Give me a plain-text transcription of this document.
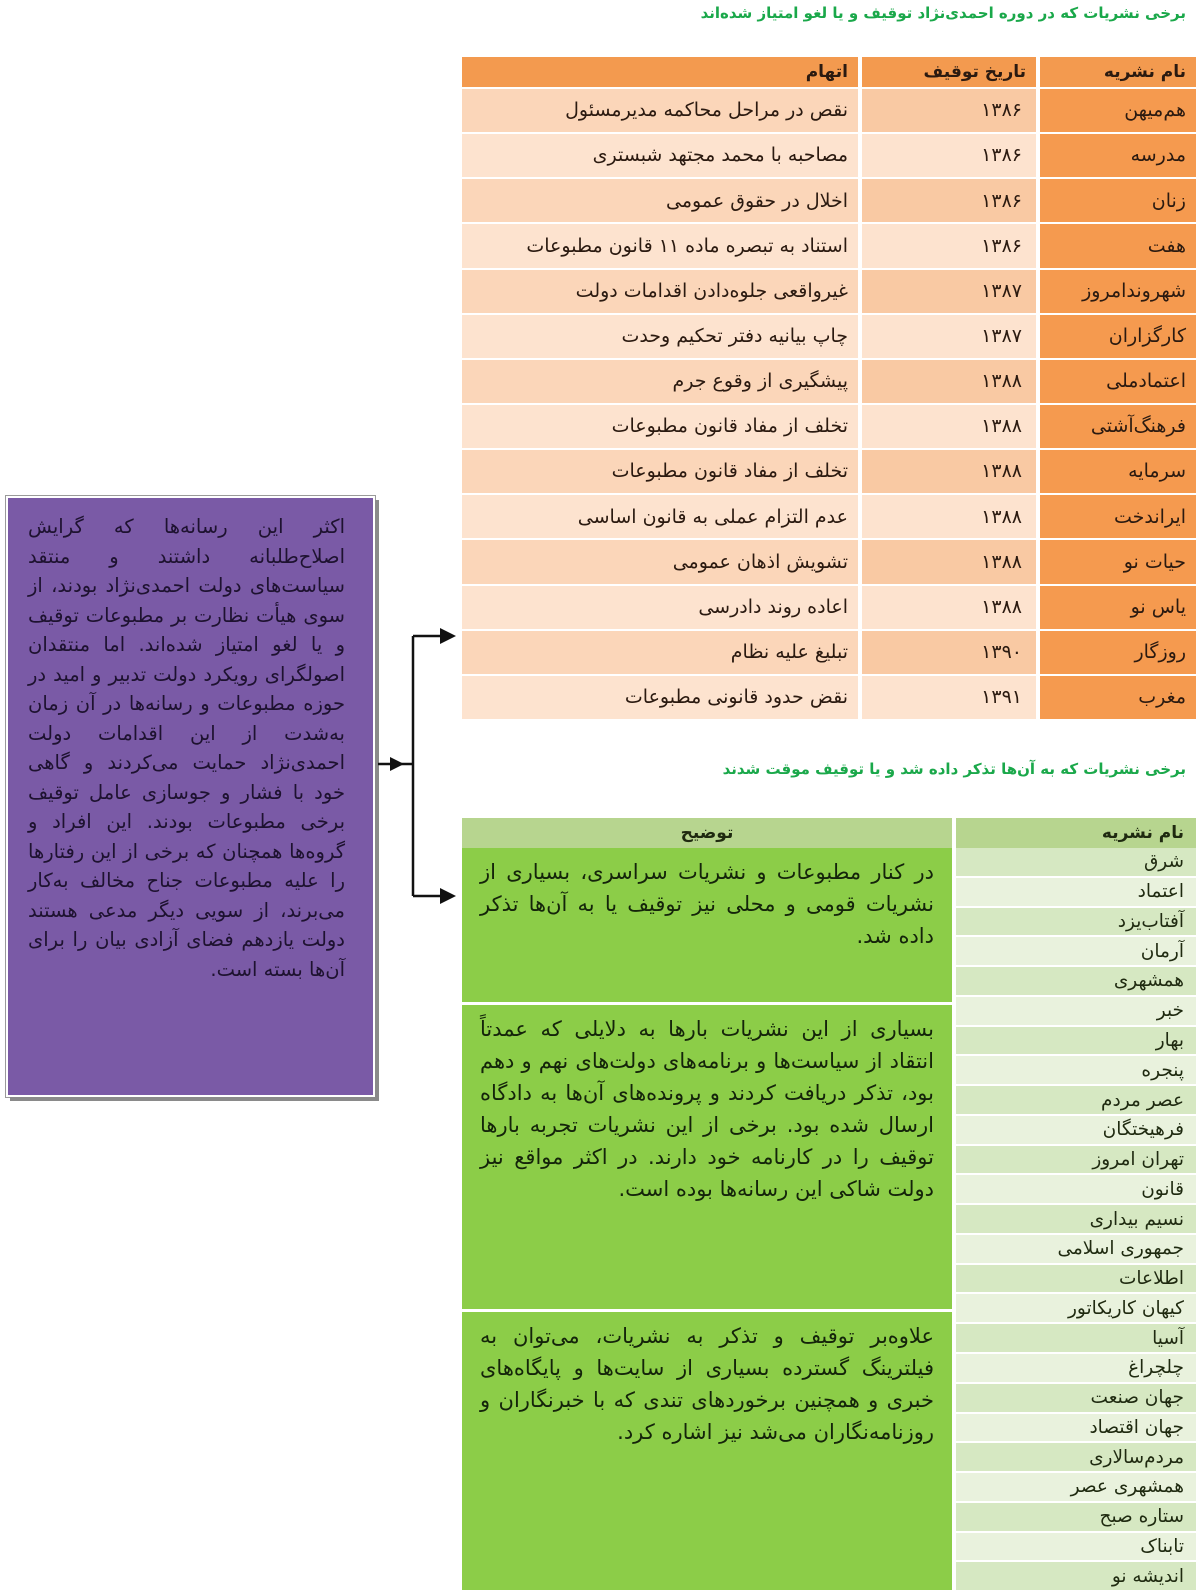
برخی نشریات که در دوره احمدی‌نژاد توقیف و یا لغو امتیاز شده‌اند
نام نشریه
تاریخ توقیف
اتهام
هم‌میهن
۱۳۸۶
نقص در مراحل محاکمه مدیرمسئول
مدرسه
۱۳۸۶
مصاحبه با محمد مجتهد شبستری
زنان
۱۳۸۶
اخلال در حقوق عمومی
هفت
۱۳۸۶
استناد به تبصره ماده ۱۱ قانون مطبوعات
شهروندامروز
۱۳۸۷
غیرواقعی جلوه‌دادن اقدامات دولت
کارگزاران
۱۳۸۷
چاپ بیانیه دفتر تحکیم وحدت
اعتمادملی
۱۳۸۸
پیشگیری از وقوع جرم
فرهنگ‌آشتی
۱۳۸۸
تخلف از مفاد قانون مطبوعات
سرمایه
۱۳۸۸
تخلف از مفاد قانون مطبوعات
ایراندخت
۱۳۸۸
عدم التزام عملی به قانون اساسی
حیات نو
۱۳۸۸
تشویش اذهان عمومی
یاس نو
۱۳۸۸
اعاده روند دادرسی
روزگار
۱۳۹۰
تبلیغ علیه نظام
مغرب
۱۳۹۱
نقض حدود قانونی مطبوعات
اکثر این رسانه‌ها که گرایش اصلاح‌طلبانه داشتند و منتقد سیاست‌های دولت احمدی‌نژاد بودند، از سوی هیأت نظارت بر مطبوعات توقیف و یا لغو امتیاز شده‌اند. اما منتقدان اصولگرای رویکرد دولت تدبیر و امید در حوزه مطبوعات و رسانه‌ها در آن زمان به‌شدت از این اقدامات دولت احمدی‌نژاد حمایت می‌کردند و گاهی خود با فشار و جوسازی عامل توقیف برخی مطبوعات بودند. این افراد و گروه‌ها همچنان که برخی از این رفتارها را علیه مطبوعات جناح مخالف به‌کار می‌برند، از سویی دیگر مدعی هستند دولت یازدهم فضای آزادی بیان را برای آن‌ها بسته است.
برخی نشریات که به آن‌ها تذکر داده شد و یا توقیف موقت شدند
نام نشریه
توضیح
شرق
اعتماد
آفتاب‌یزد
آرمان
همشهری
خبر
بهار
پنجره
عصر مردم
فرهیختگان
تهران امروز
قانون
نسیم بیداری
جمهوری اسلامی
اطلاعات
کیهان کاریکاتور
آسیا
چلچراغ
جهان صنعت
جهان اقتصاد
مردم‌سالاری
همشهری عصر
ستاره صبح
تابناک
اندیشه نو
در کنار مطبوعات و نشریات سراسری، بسیاری از نشریات قومی و محلی نیز توقیف یا به آن‌ها تذکر داده شد.
بسیاری از این نشریات بارها به دلایلی که عمدتاً انتقاد از سیاست‌ها و برنامه‌های دولت‌های نهم و دهم بود، تذکر دریافت کردند و پرونده‌های آن‌ها به دادگاه ارسال شده بود. برخی از این نشریات تجربه بارها توقیف را در کارنامه خود دارند. در اکثر مواقع نیز دولت شاکی این رسانه‌ها بوده است.
علاوه‌بر توقیف و تذکر به نشریات، می‌توان به فیلترینگ گسترده بسیاری از سایت‌ها و پایگاه‌های خبری و همچنین برخوردهای تندی که با خبرنگاران و روزنامه‌نگاران می‌شد نیز اشاره کرد.
